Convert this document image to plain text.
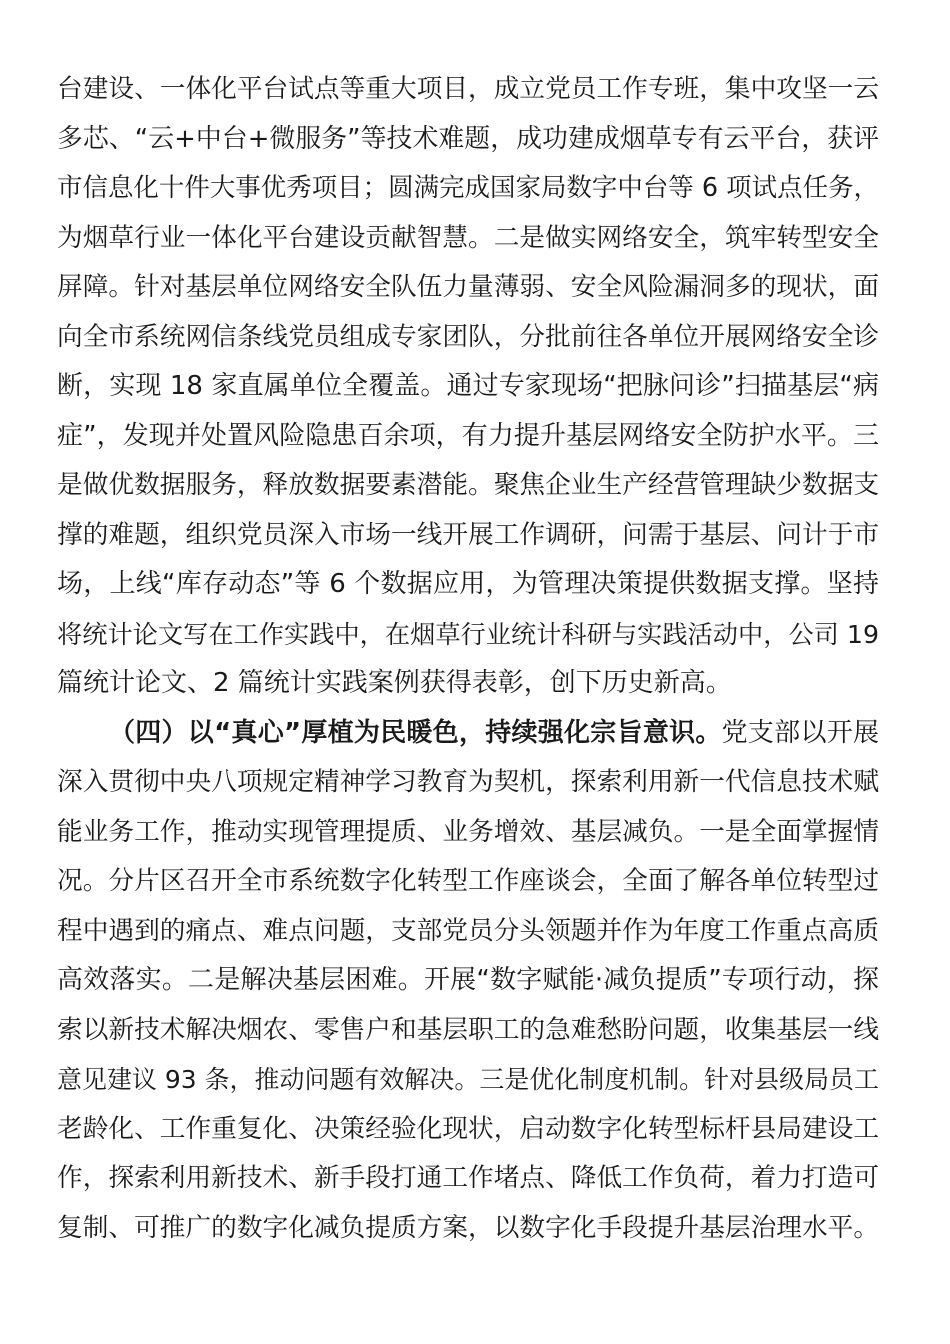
台建设、一体化平台试点等重大项目，成立党员工作专班，集中攻坚一云
多芯、“云+中台+微服务”等技术难题，成功建成烟草专有云平台，获评
市信息化十件大事优秀项目；圆满完成国家局数字中台等 6 项试点任务，
为烟草行业一体化平台建设贡献智慧。二是做实网络安全，筑牢转型安全
屏障。针对基层单位网络安全队伍力量薄弱、安全风险漏洞多的现状，面
向全市系统网信条线党员组成专家团队，分批前往各单位开展网络安全诊
断，实现 18 家直属单位全覆盖。通过专家现场“把脉问诊”扫描基层“病
症”，发现并处置风险隐患百余项，有力提升基层网络安全防护水平。三
是做优数据服务，释放数据要素潜能。聚焦企业生产经营管理缺少数据支
撑的难题，组织党员深入市场一线开展工作调研，问需于基层、问计于市
场，上线“库存动态”等 6 个数据应用，为管理决策提供数据支撑。坚持
将统计论文写在工作实践中，在烟草行业统计科研与实践活动中，公司 19
篇统计论文、2 篇统计实践案例获得表彰，创下历史新高。
（四）以“真心”厚植为民暖色，持续强化宗旨意识。党支部以开展
深入贯彻中央八项规定精神学习教育为契机，探索利用新一代信息技术赋
能业务工作，推动实现管理提质、业务增效、基层减负。一是全面掌握情
况。分片区召开全市系统数字化转型工作座谈会，全面了解各单位转型过
程中遇到的痛点、难点问题，支部党员分头领题并作为年度工作重点高质
高效落实。二是解决基层困难。开展“数字赋能·减负提质”专项行动，探
索以新技术解决烟农、零售户和基层职工的急难愁盼问题，收集基层一线
意见建议 93 条，推动问题有效解决。三是优化制度机制。针对县级局员工
老龄化、工作重复化、决策经验化现状，启动数字化转型标杆县局建设工
作，探索利用新技术、新手段打通工作堵点、降低工作负荷，着力打造可
复制、可推广的数字化减负提质方案，以数字化手段提升基层治理水平。
